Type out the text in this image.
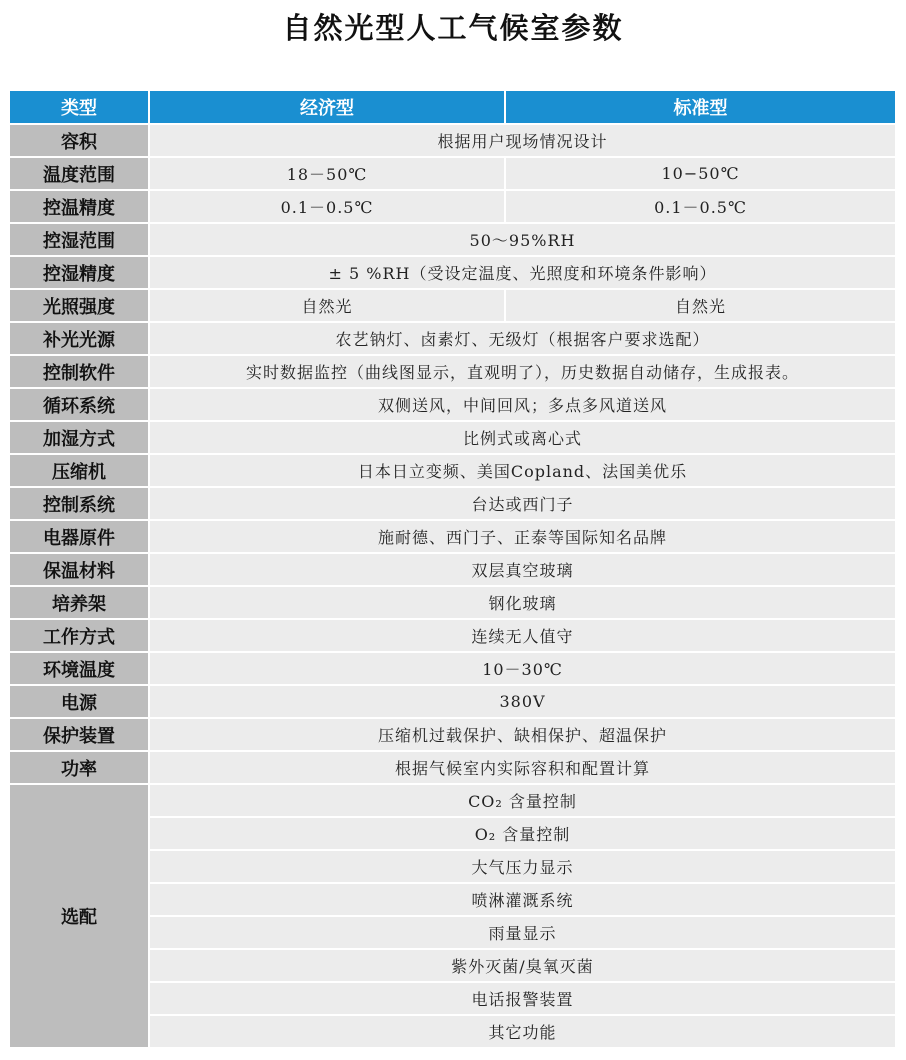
自然光型人工气候室参数
类型	经济型	标准型
容积	根据用户现场情况设计	
温度范围	18－50℃	10−50℃
控温精度	0.1－0.5℃	0.1－0.5℃
控湿范围	50～95%RH	
控湿精度	± 5 %RH（受设定温度、光照度和环境条件影响）	
光照强度	自然光	自然光
补光光源	农艺钠灯、卤素灯、无级灯（根据客户要求选配）	
控制软件	实时数据监控（曲线图显示，直观明了），历史数据自动储存，生成报表。	
循环系统	双侧送风，中间回风；多点多风道送风	
加湿方式	比例式或离心式	
压缩机	日本日立变频、美国Copland、法国美优乐	
控制系统	台达或西门子	
电器原件	施耐德、西门子、正泰等国际知名品牌	
保温材料	双层真空玻璃	
培养架	钢化玻璃	
工作方式	连续无人值守	
环境温度	10－30℃	
电源	380V	
保护装置	压缩机过载保护、缺相保护、超温保护	
功率	根据气候室内实际容积和配置计算	
选配	CO₂ 含量控制	
	O₂ 含量控制	
	大气压力显示	
	喷淋灌溉系统	
	雨量显示	
	紫外灭菌/臭氧灭菌	
	电话报警装置	
	其它功能	
